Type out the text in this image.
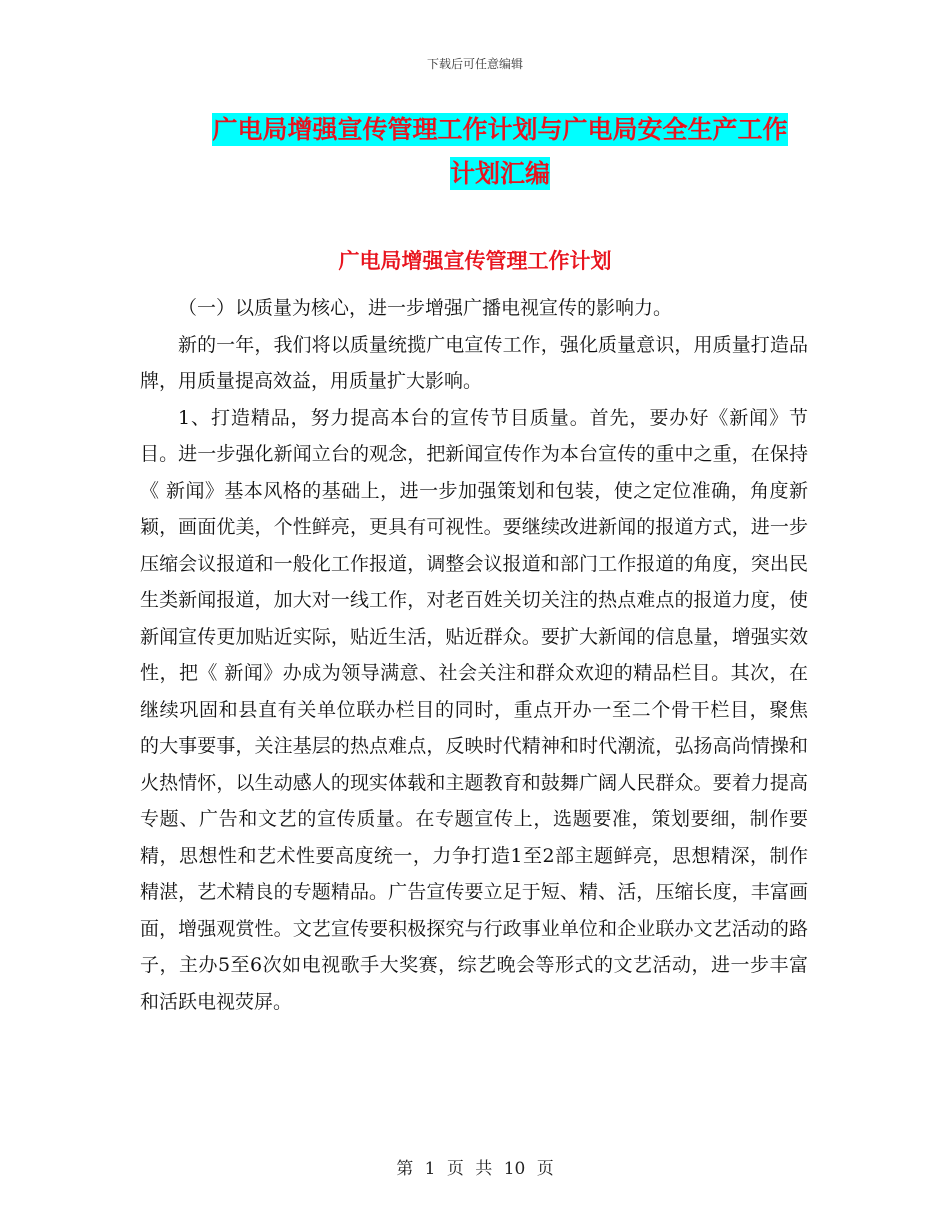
下载后可任意编辑
广电局增强宣传管理工作计划与广电局安全生产工作
计划汇编
广电局增强宣传管理工作计划

（一）以质量为核心，进一步增强广播电视宣传的影响力。

新的一年，我们将以质量统揽广电宣传工作，强化质量意识，用质量打造品牌，用质量提高效益，用质量扩大影响。

1、打造精品，努力提高本台的宣传节目质量。首先，要办好《新闻》节目。进一步强化新闻立台的观念，把新闻宣传作为本台宣传的重中之重，在保持《 新闻》基本风格的基础上，进一步加强策划和包装，使之定位准确，角度新颖，画面优美，个性鲜亮，更具有可视性。要继续改进新闻的报道方式，进一步压缩会议报道和一般化工作报道，调整会议报道和部门工作报道的角度，突出民生类新闻报道，加大对一线工作，对老百姓关切关注的热点难点的报道力度，使新闻宣传更加贴近实际，贴近生活，贴近群众。要扩大新闻的信息量，增强实效性，把《 新闻》办成为领导满意、社会关注和群众欢迎的精品栏目。其次，在继续巩固和县直有关单位联办栏目的同时，重点开办一至二个骨干栏目，聚焦 的大事要事，关注基层的热点难点，反映时代精神和时代潮流，弘扬高尚情操和火热情怀，以生动感人的现实体载和主题教育和鼓舞广阔人民群众。要着力提高专题、广告和文艺的宣传质量。在专题宣传上，选题要准，策划要细，制作要精，思想性和艺术性要高度统一，力争打造1至2部主题鲜亮，思想精深，制作精湛，艺术精良的专题精品。广告宣传要立足于短、精、活，压缩长度，丰富画面，增强观赏性。文艺宣传要积极探究与行政事业单位和企业联办文艺活动的路子，主办5至6次如电视歌手大奖赛，综艺晚会等形式的文艺活动，进一步丰富和活跃电视荧屏。

第 1 页 共 10 页
